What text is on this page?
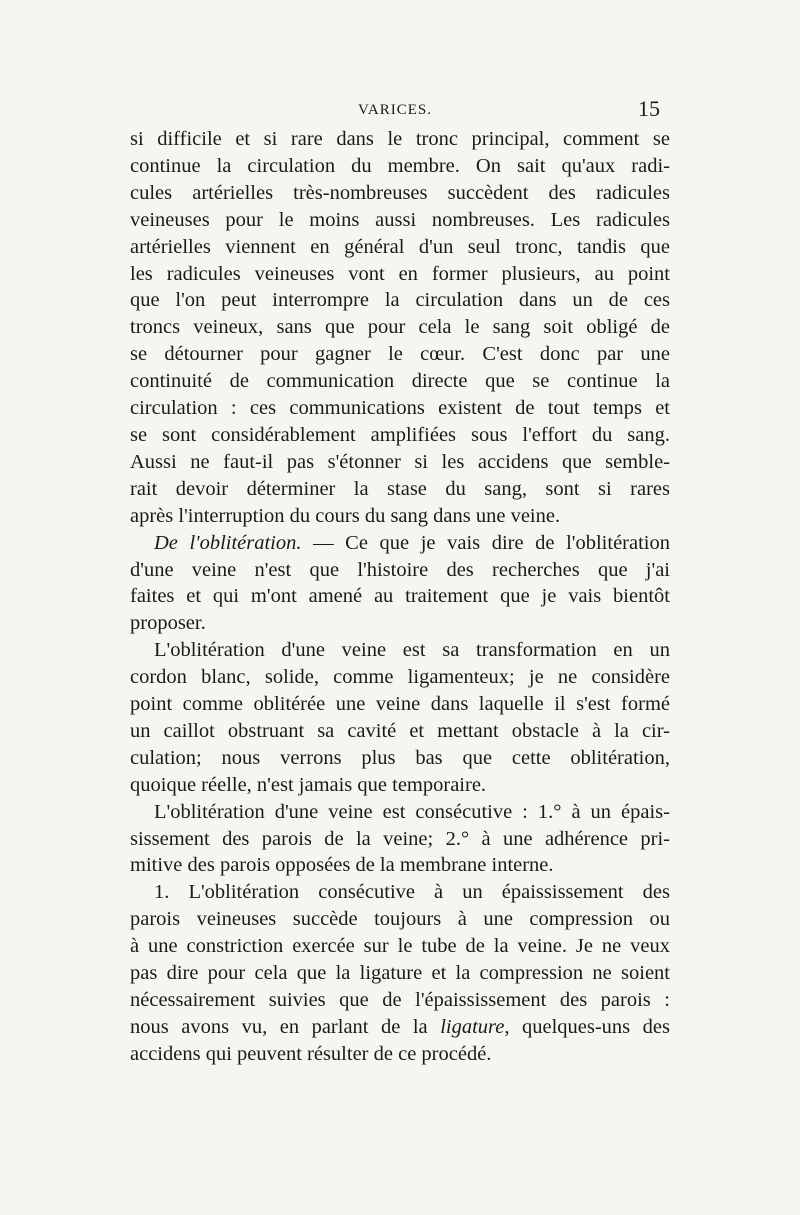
VARICES.	15
si difficile et si rare dans le tronc principal, comment se
continue la circulation du membre. On sait qu'aux radi-
cules artérielles très-nombreuses succèdent des radicules
veineuses pour le moins aussi nombreuses. Les radicules
artérielles viennent en général d'un seul tronc, tandis que
les radicules veineuses vont en former plusieurs, au point
que l'on peut interrompre la circulation dans un de ces
troncs veineux, sans que pour cela le sang soit obligé de
se détourner pour gagner le cœur. C'est donc par une
continuité de communication directe que se continue la
circulation : ces communications existent de tout temps et
se sont considérablement amplifiées sous l'effort du sang.
Aussi ne faut-il pas s'étonner si les accidens que semble-
rait devoir déterminer la stase du sang, sont si rares
après l'interruption du cours du sang dans une veine.
De l'oblitération. — Ce que je vais dire de l'oblitération
d'une veine n'est que l'histoire des recherches que j'ai
faites et qui m'ont amené au traitement que je vais bientôt
proposer.
L'oblitération d'une veine est sa transformation en un
cordon blanc, solide, comme ligamenteux; je ne considère
point comme oblitérée une veine dans laquelle il s'est formé
un caillot obstruant sa cavité et mettant obstacle à la cir-
culation; nous verrons plus bas que cette oblitération,
quoique réelle, n'est jamais que temporaire.
L'oblitération d'une veine est consécutive : 1.° à un épais-
sissement des parois de la veine; 2.° à une adhérence pri-
mitive des parois opposées de la membrane interne.
1. L'oblitération consécutive à un épaississement des
parois veineuses succède toujours à une compression ou
à une constriction exercée sur le tube de la veine. Je ne veux
pas dire pour cela que la ligature et la compression ne soient
nécessairement suivies que de l'épaississement des parois :
nous avons vu, en parlant de la ligature, quelques-uns des
accidens qui peuvent résulter de ce procédé.
